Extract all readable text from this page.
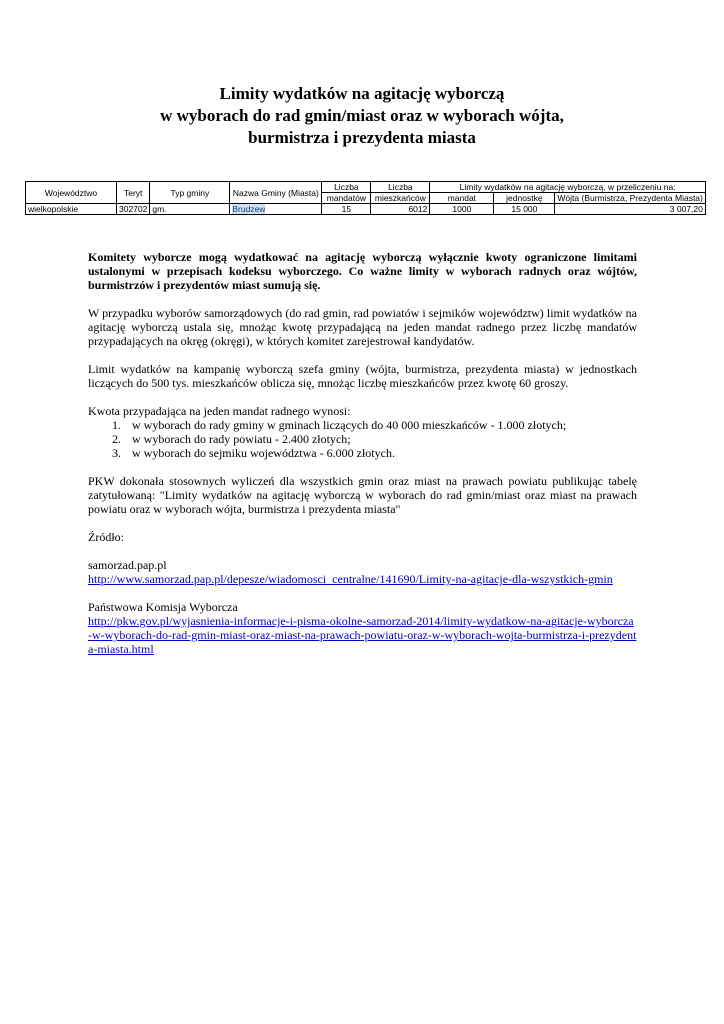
Limity wydatków na agitację wyborczą
w wyborach do rad gmin/miast oraz w wyborach wójta,
burmistrza i prezydenta miasta
Województwo	Teryt	Typ gminy	Nazwa Gminy (Miasta)	Liczba	Liczba	Limity wydatków na agitację wyborczą, w przeliczeniu na:		
				mandatów	mieszkańców	mandat	jednostkę	Wójta (Burmistrza, Prezydenta Miasta)
wielkopolskie	302702	gm.	Brudzew	15	6012	1000	15 000	3 007,20

Komitety wyborcze mogą wydatkować na agitację wyborczą wyłącznie kwoty ograniczone limitami ustalonymi w przepisach kodeksu wyborczego. Co ważne limity w wyborach radnych oraz wójtów, burmistrzów i prezydentów miast sumują się.

W przypadku wyborów samorządowych (do rad gmin, rad powiatów i sejmików województw) limit wydatków na agitację wyborczą ustala się, mnożąc kwotę przypadającą na jeden mandat radnego przez liczbę mandatów przypadających na okręg (okręgi), w których komitet zarejestrował kandydatów.

Limit wydatków na kampanię wyborczą szefa gminy (wójta, burmistrza, prezydenta miasta) w jednostkach liczących do 500 tys. mieszkańców oblicza się, mnożąc liczbę mieszkańców przez kwotę 60 groszy.

Kwota przypadająca na jeden mandat radnego wynosi:

1. w wyborach do rady gminy w gminach liczących do 40 000 mieszkańców - 1.000 złotych;
2. w wyborach do rady powiatu - 2.400 złotych;
3. w wyborach do sejmiku województwa - 6.000 złotych.

PKW dokonała stosownych wyliczeń dla wszystkich gmin oraz miast na prawach powiatu publikując tabelę zatytułowaną: "Limity wydatków na agitację wyborczą w wyborach do rad gmin/miast oraz miast na prawach powiatu oraz w wyborach wójta, burmistrza i prezydenta miasta"

Źródło:

samorzad.pap.pl

http://www.samorzad.pap.pl/depesze/wiadomosci_centralne/141690/Limity-na-agitacje-dla-wszystkich-gmin

Państwowa Komisja Wyborcza

http://pkw.gov.pl/wyjasnienia-informacje-i-pisma-okolne-samorzad-2014/limity-wydatkow-na-agitacje-wyborcza-w-wyborach-do-rad-gmin-miast-oraz-miast-na-prawach-powiatu-oraz-w-wyborach-wojta-burmistrza-i-prezydenta-miasta.html
